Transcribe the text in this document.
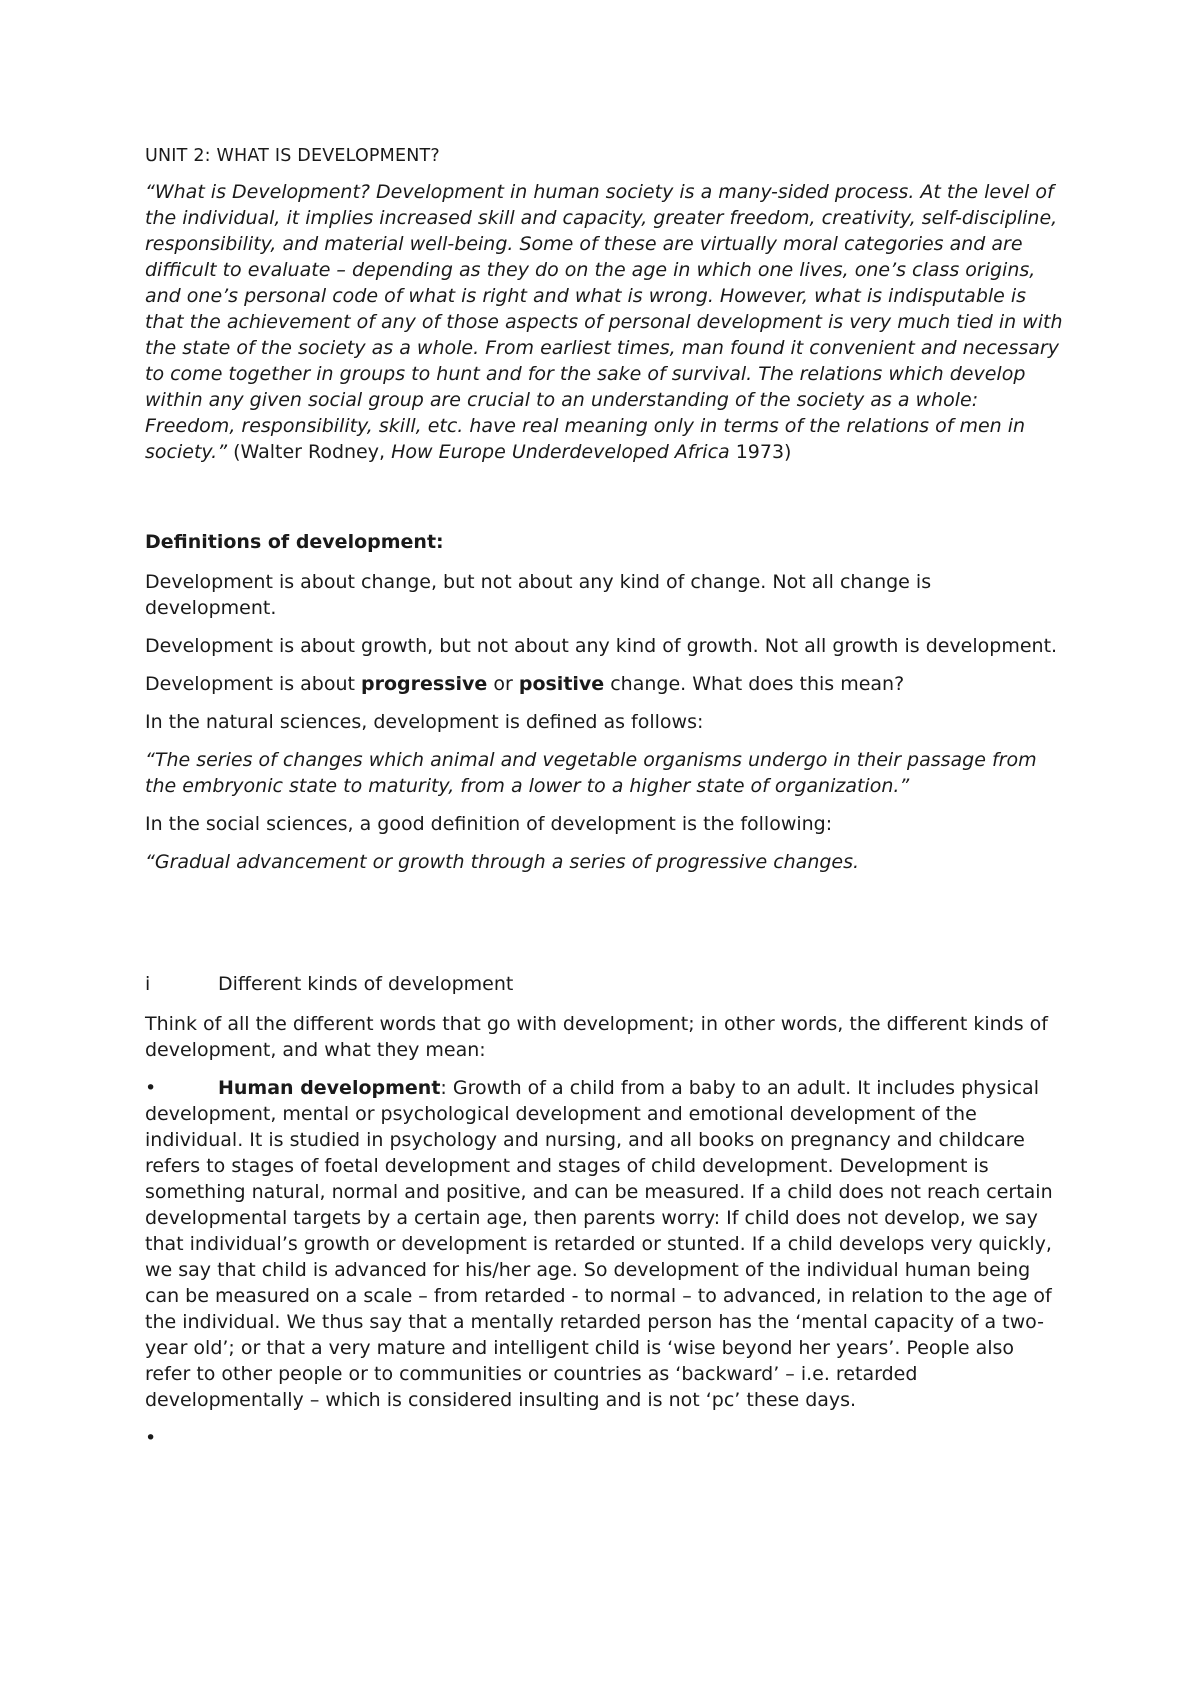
UNIT 2: WHAT IS DEVELOPMENT?

“What is Development? Development in human society is a many-sided process. At the level of the individual, it implies increased skill and capacity, greater freedom, creativity, self-discipline, responsibility, and material well-being. Some of these are virtually moral categories and are difficult to evaluate – depending as they do on the age in which one lives, one’s class origins, and one’s personal code of what is right and what is wrong. However, what is indisputable is that the achievement of any of those aspects of personal development is very much tied in with the state of the society as a whole. From earliest times, man found it convenient and necessary to come together in groups to hunt and for the sake of survival. The relations which develop within any given social group are crucial to an understanding of the society as a whole: Freedom, responsibility, skill, etc. have real meaning only in terms of the relations of men in society.” (Walter Rodney, How Europe Underdeveloped Africa 1973)

Definitions of development:

Development is about change, but not about any kind of change. Not all change is development.

Development is about growth, but not about any kind of growth. Not all growth is development.

Development is about progressive or positive change. What does this mean?

In the natural sciences, development is defined as follows:

“The series of changes which animal and vegetable organisms undergo in their passage from the embryonic state to maturity, from a lower to a higher state of organization.”

In the social sciences, a good definition of development is the following:

“Gradual advancement or growth through a series of progressive changes.

i	Different kinds of development

Think of all the different words that go with development; in other words, the different kinds of development, and what they mean:

•	Human development: Growth of a child from a baby to an adult. It includes physical development, mental or psychological development and emotional development of the individual. It is studied in psychology and nursing, and all books on pregnancy and childcare refers to stages of foetal development and stages of child development. Development is something natural, normal and positive, and can be measured. If a child does not reach certain developmental targets by a certain age, then parents worry: If child does not develop, we say that individual’s growth or development is retarded or stunted. If a child develops very quickly, we say that child is advanced for his/her age. So development of the individual human being can be measured on a scale – from retarded - to normal – to advanced, in relation to the age of the individual. We thus say that a mentally retarded person has the ‘mental capacity of a two-year old’; or that a very mature and intelligent child is ‘wise beyond her years’. People also refer to other people or to communities or countries as ‘backward’ – i.e. retarded developmentally – which is considered insulting and is not ‘pc’ these days.
•
